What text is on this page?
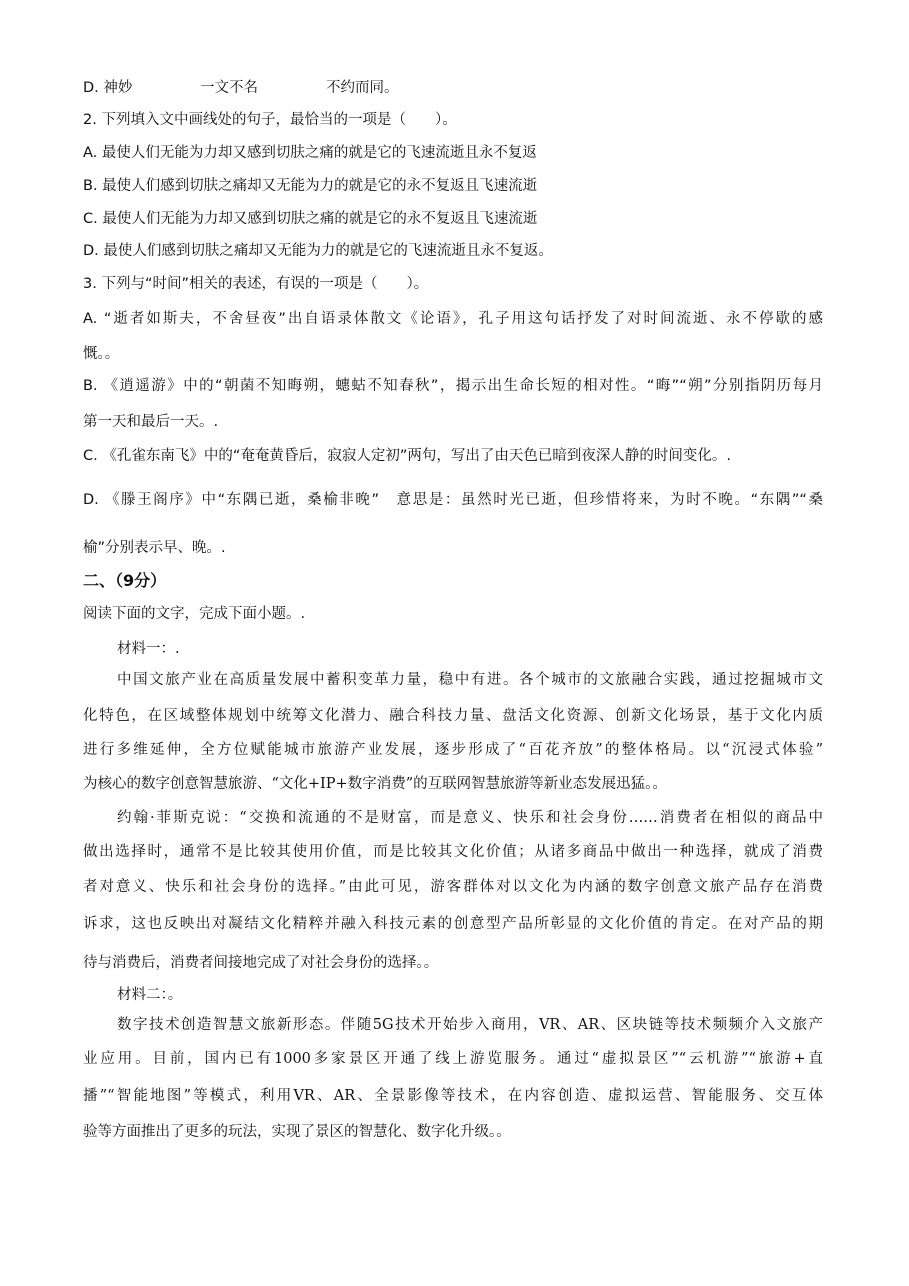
D. 神妙	一文不名	不约而同。
2. 下列填入文中画线处的句子，最恰当的一项是（　　）。
A. 最使人们无能为力却又感到切肤之痛的就是它的飞速流逝且永不复返
B. 最使人们感到切肤之痛却又无能为力的就是它的永不复返且飞速流逝
C. 最使人们无能为力却又感到切肤之痛的就是它的永不复返且飞速流逝
D. 最使人们感到切肤之痛却又无能为力的就是它的飞速流逝且永不复返。
3. 下列与“时间”相关的表述，有误的一项是（　　）。
A. “逝者如斯夫，不舍昼夜”出自语录体散文《论语》，孔子用这句话抒发了对时间流逝、永不停歇的感
慨。。
B. 《逍遥游》中的“朝菌不知晦朔，蟪蛄不知春秋”，揭示出生命长短的相对性。“晦”“朔”分别指阴历每月
第一天和最后一天。.
C. 《孔雀东南飞》中的“奄奄黄昏后，寂寂人定初”两句，写出了由天色已暗到夜深人静的时间变化。.
D. 《滕王阁序》中“东隅已逝，桑榆非晚”　意思是：虽然时光已逝，但珍惜将来，为时不晚。“东隅”“桑
榆”分别表示早、晚。.
二、（9分）
阅读下面的文字，完成下面小题。.
材料一：.
中国文旅产业在高质量发展中蓄积变革力量，稳中有进。各个城市的文旅融合实践，通过挖掘城市文
化特色，在区域整体规划中统筹文化潜力、融合科技力量、盘活文化资源、创新文化场景，基于文化内质
进行多维延伸，全方位赋能城市旅游产业发展，逐步形成了“百花齐放”的整体格局。以“沉浸式体验”
为核心的数字创意智慧旅游、“文化+IP+数字消费”的互联网智慧旅游等新业态发展迅猛。。
约翰·菲斯克说：“交换和流通的不是财富，而是意义、快乐和社会身份……消费者在相似的商品中
做出选择时，通常不是比较其使用价值，而是比较其文化价值；从诸多商品中做出一种选择，就成了消费
者对意义、快乐和社会身份的选择。”由此可见，游客群体对以文化为内涵的数字创意文旅产品存在消费
诉求，这也反映出对凝结文化精粹并融入科技元素的创意型产品所彰显的文化价值的肯定。在对产品的期
待与消费后，消费者间接地完成了对社会身份的选择。。
材料二：。
数字技术创造智慧文旅新形态。伴随5G技术开始步入商用，VR、AR、区块链等技术频频介入文旅产
业应用。目前，国内已有1000多家景区开通了线上游览服务。通过“虚拟景区”“云机游”“旅游+直
播”“智能地图”等模式，利用VR、AR、全景影像等技术，在内容创造、虚拟运营、智能服务、交互体
验等方面推出了更多的玩法，实现了景区的智慧化、数字化升级。。
